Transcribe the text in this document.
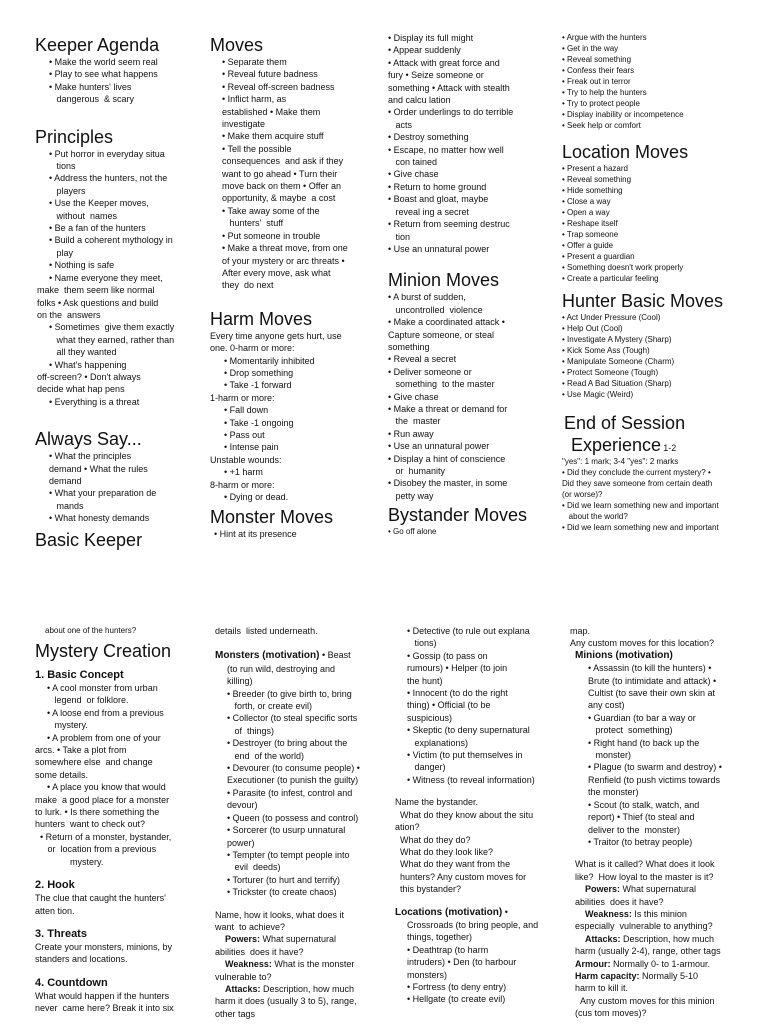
Keeper Agenda
• Make the world seem real
• Play to see what happens
• Make hunters' lives
dangerous  & scary
Principles
• Put horror in everyday situa
tions
• Address the hunters, not the
players
• Use the Keeper moves,
without  names
• Be a fan of the hunters
• Build a coherent mythology in
play
• Nothing is safe
• Name everyone they meet,
make  them seem like normal
folks • Ask questions and build
on the  answers
• Sometimes  give them exactly
what they earned, rather than
all they wanted
• What's happening
off-screen? • Don't always
decide what hap pens
• Everything is a threat
Always Say...
• What the principles
demand • What the rules
demand
• What your preparation de
mands
• What honesty demands
Basic Keeper
Moves
• Separate them
• Reveal future badness
• Reveal off-screen badness
• Inflict harm, as
established • Make them
investigate
• Make them acquire stuff
• Tell the possible
consequences  and ask if they
want to go ahead • Turn their
move back on them • Offer an
opportunity, & maybe  a cost
• Take away some of the
hunters'  stuff
• Put someone in trouble
• Make a threat move, from one
of your mystery or arc threats •
After every move, ask what
they  do next
Harm Moves
Every time anyone gets hurt, use
one. 0-harm or more:
• Momentarily inhibited
• Drop something
• Take -1 forward
1-harm or more:
• Fall down
• Take -1 ongoing
• Pass out
• Intense pain
Unstable wounds:
• +1 harm
8-harm or more:
• Dying or dead.
Monster Moves
• Hint at its presence
• Display its full might
• Appear suddenly
• Attack with great force and
fury • Seize someone or
something • Attack with stealth
and calcu lation
• Order underlings to do terrible
acts
• Destroy something
• Escape, no matter how well
con tained
• Give chase
• Return to home ground
• Boast and gloat, maybe
reveal ing a secret
• Return from seeming destruc
tion
• Use an unnatural power
Minion Moves
• A burst of sudden,
uncontrolled  violence
• Make a coordinated attack •
Capture someone, or steal
something
• Reveal a secret
• Deliver someone or
something  to the master
• Give chase
• Make a threat or demand for
the  master
• Run away
• Use an unnatural power
• Display a hint of conscience
or  humanity
• Disobey the master, in some
petty way
Bystander Moves
• Go off alone
• Argue with the hunters
• Get in the way
• Reveal something
• Confess their fears
• Freak out in terror
• Try to help the hunters
• Try to protect people
• Display inability or incompetence
• Seek help or comfort
Location Moves
• Present a hazard
• Reveal something
• Hide something
• Close a way
• Open a way
• Reshape itself
• Trap someone
• Offer a guide
• Present a guardian
• Something doesn't work properly
• Create a particular feeling
Hunter Basic Moves
• Act Under Pressure (Cool)
• Help Out (Cool)
• Investigate A Mystery (Sharp)
• Kick Some Ass (Tough)
• Manipulate Someone (Charm)
• Protect Someone (Tough)
• Read A Bad Situation (Sharp)
• Use Magic (Weird)
End of Session
Experience 1-2
"yes": 1 mark; 3-4 "yes": 2 marks
• Did they conclude the current mystery? •
Did they save someone from certain death
(or worse)?
• Did we learn something new and important
about the world?
• Did we learn something new and important
about one of the hunters?
Mystery Creation
1. Basic Concept
• A cool monster from urban
legend  or folklore.
• A loose end from a previous
mystery.
• A problem from one of your
arcs. • Take a plot from
somewhere else  and change
some details.
• A place you know that would
make  a good place for a monster
to lurk. • Is there something the
hunters  want to check out?
• Return of a monster, bystander,
or  location from a previous
mystery.
2. Hook
The clue that caught the hunters'
atten tion.
3. Threats
Create your monsters, minions, by
standers and locations.
4. Countdown
What would happen if the hunters
never  came here? Break it into six
details  listed underneath.
Monsters (motivation) • Beast
(to run wild, destroying and
killing)
• Breeder (to give birth to, bring
forth, or create evil)
• Collector (to steal specific sorts
of  things)
• Destroyer (to bring about the
end  of the world)
• Devourer (to consume people) •
Executioner (to punish the guilty)
• Parasite (to infest, control and
devour)
• Queen (to possess and control)
• Sorcerer (to usurp unnatural
power)
• Tempter (to tempt people into
evil  deeds)
• Torturer (to hurt and terrify)
• Trickster (to create chaos)
Name, how it looks, what does it
want  to achieve?
Powers: What supernatural
abilities  does it have?
Weakness: What is the monster
vulnerable to?
Attacks: Description, how much
harm it does (usually 3 to 5), range,
other tags
• Detective (to rule out explana
tions)
• Gossip (to pass on
rumours) • Helper (to join
the hunt)
• Innocent (to do the right
thing) • Official (to be
suspicious)
• Skeptic (to deny supernatural
explanations)
• Victim (to put themselves in
danger)
• Witness (to reveal information)
Name the bystander.
What do they know about the situ
ation?
What do they do?
What do they look like?
What do they want from the
hunters? Any custom moves for
this bystander?
Locations (motivation) •
Crossroads (to bring people, and
things, together)
• Deathtrap (to harm
intruders) • Den (to harbour
monsters)
• Fortress (to deny entry)
• Hellgate (to create evil)
map.
Any custom moves for this location?
Minions (motivation)
• Assassin (to kill the hunters) •
Brute (to intimidate and attack) •
Cultist (to save their own skin at
any cost)
• Guardian (to bar a way or
protect  something)
• Right hand (to back up the
monster)
• Plague (to swarm and destroy) •
Renfield (to push victims towards
the monster)
• Scout (to stalk, watch, and
report) • Thief (to steal and
deliver to the  monster)
• Traitor (to betray people)
What is it called? What does it look
like?  How loyal to the master is it?
Powers: What supernatural
abilities  does it have?
Weakness: Is this minion
especially  vulnerable to anything?
Attacks: Description, how much
harm (usually 2-4), range, other tags
Armour: Normally 0- to 1-armour.
Harm capacity: Normally 5-10
harm to kill it.
Any custom moves for this minion
(cus tom moves)?
